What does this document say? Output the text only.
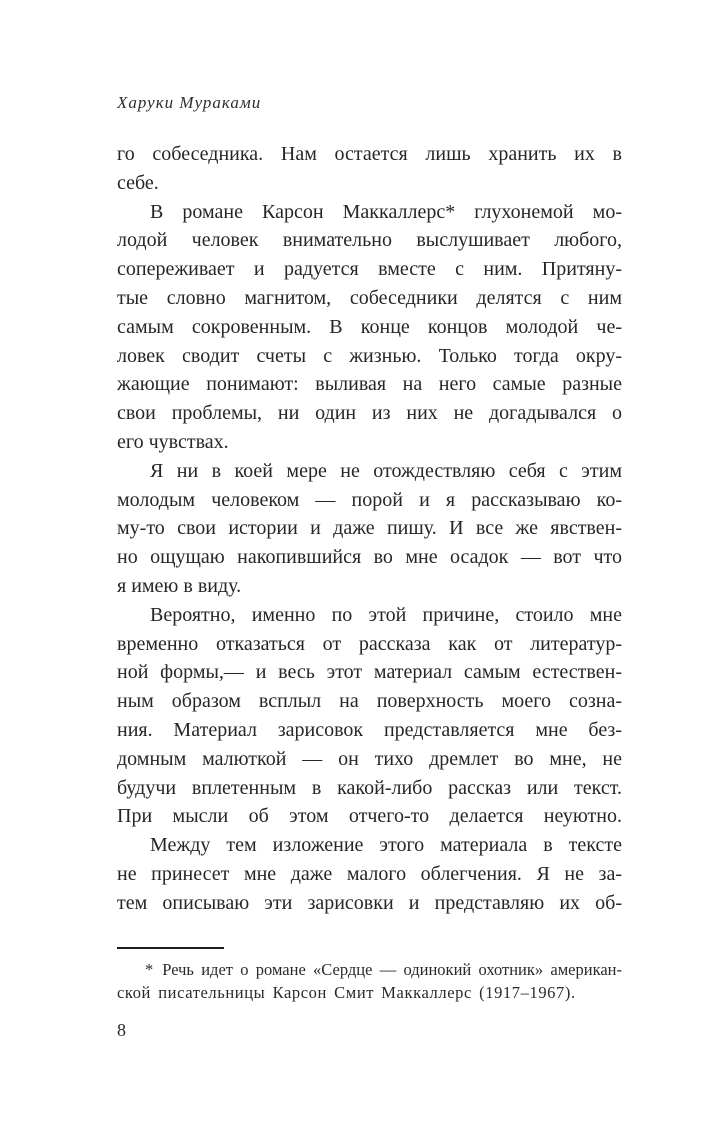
Харуки Мураками
го собеседника. Нам остается лишь хранить их в
себе.
В романе Карсон Маккаллерс* глухонемой мо-
лодой человек внимательно выслушивает любого,
сопереживает и радуется вместе с ним. Притяну-
тые словно магнитом, собеседники делятся с ним
самым сокровенным. В конце концов молодой че-
ловек сводит счеты с жизнью. Только тогда окру-
жающие понимают: выливая на него самые разные
свои проблемы, ни один из них не догадывался о
его чувствах.
Я ни в коей мере не отождествляю себя с этим
молодым человеком — порой и я рассказываю ко-
му-то свои истории и даже пишу. И все же явствен-
но ощущаю накопившийся во мне осадок — вот что
я имею в виду.
Вероятно, именно по этой причине, стоило мне
временно отказаться от рассказа как от литератур-
ной формы,— и весь этот материал самым естествен-
ным образом всплыл на поверхность моего созна-
ния. Материал зарисовок представляется мне без-
домным малюткой — он тихо дремлет во мне, не
будучи вплетенным в какой-либо рассказ или текст.
При мысли об этом отчего-то делается неуютно.
Между тем изложение этого материала в тексте
не принесет мне даже малого облегчения. Я не за-
тем описываю эти зарисовки и представляю их об-
* Речь идет о романе «Сердце — одинокий охотник» американ-
ской писательницы Карсон Смит Маккаллерс (1917–1967).
8
